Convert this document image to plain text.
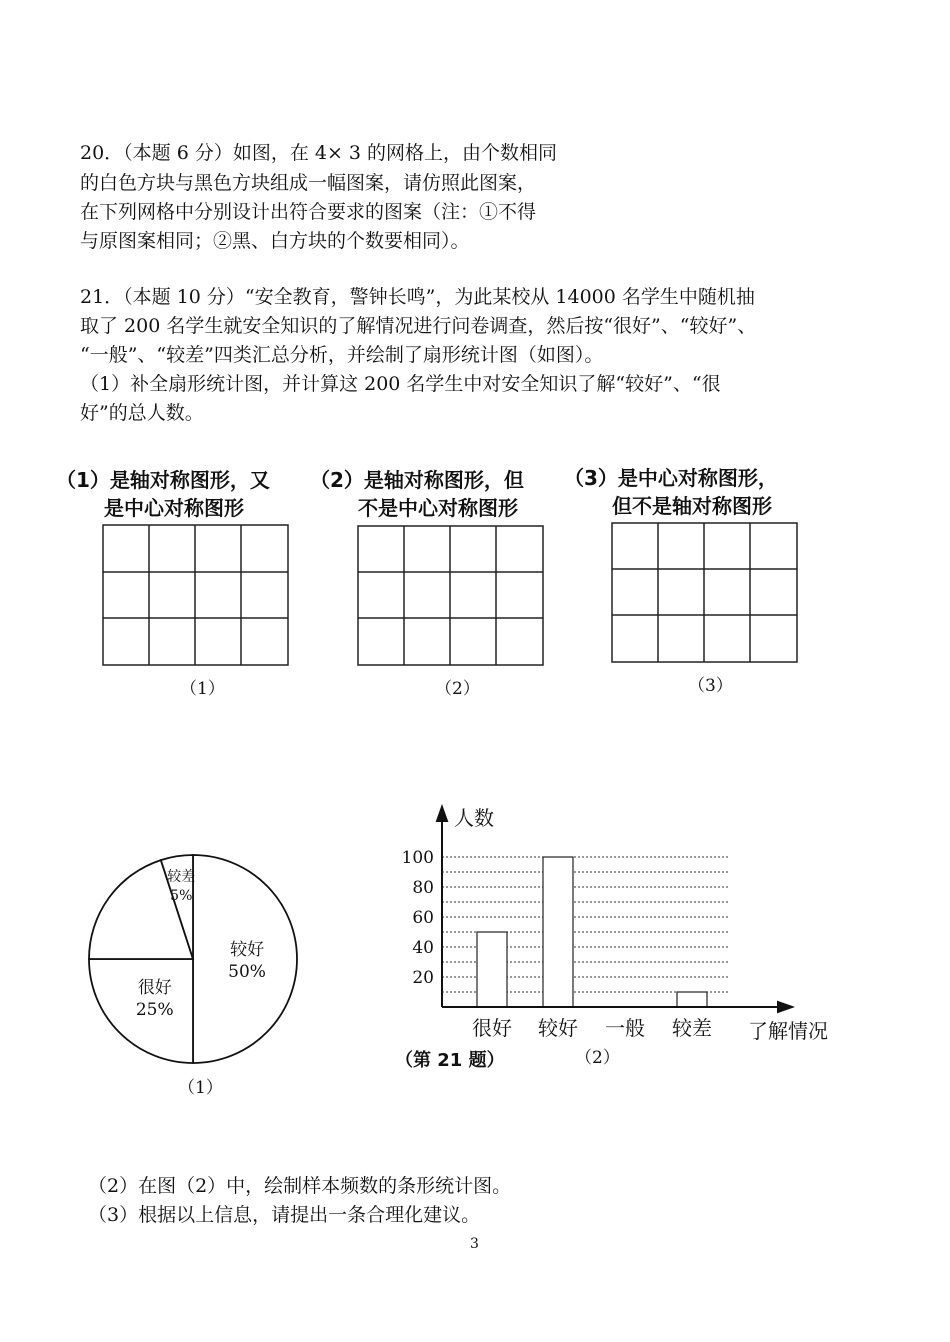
20．（本题 6 分）如图，在 4× 3 的网格上，由个数相同
的白色方块与黑色方块组成一幅图案，请仿照此图案，
在下列网格中分别设计出符合要求的图案（注：①不得
与原图案相同；②黑、白方块的个数要相同）。
21．（本题 10 分）“安全教育，警钟长鸣”，为此某校从 14000 名学生中随机抽
取了 200 名学生就安全知识的了解情况进行问卷调查，然后按“很好”、“较好”、
“一般”、“较差”四类汇总分析，并绘制了扇形统计图（如图）。
（1）补全扇形统计图，并计算这 200 名学生中对安全知识了解“较好”、“很
好”的总人数。
（1）是轴对称图形，又
是中心对称图形
（2）是轴对称图形，但
不是中心对称图形
（3）是中心对称图形，
但不是轴对称图形
（1）	（2）	（3）
较好
50%
很好
25%
较差
5%
（1）
20
40
60
80
100
人数
了解情况
很好 较好 一般 较差
（第 21 题）	（2）
（2）在图（2）中，绘制样本频数的条形统计图。
（3）根据以上信息，请提出一条合理化建议。
3
